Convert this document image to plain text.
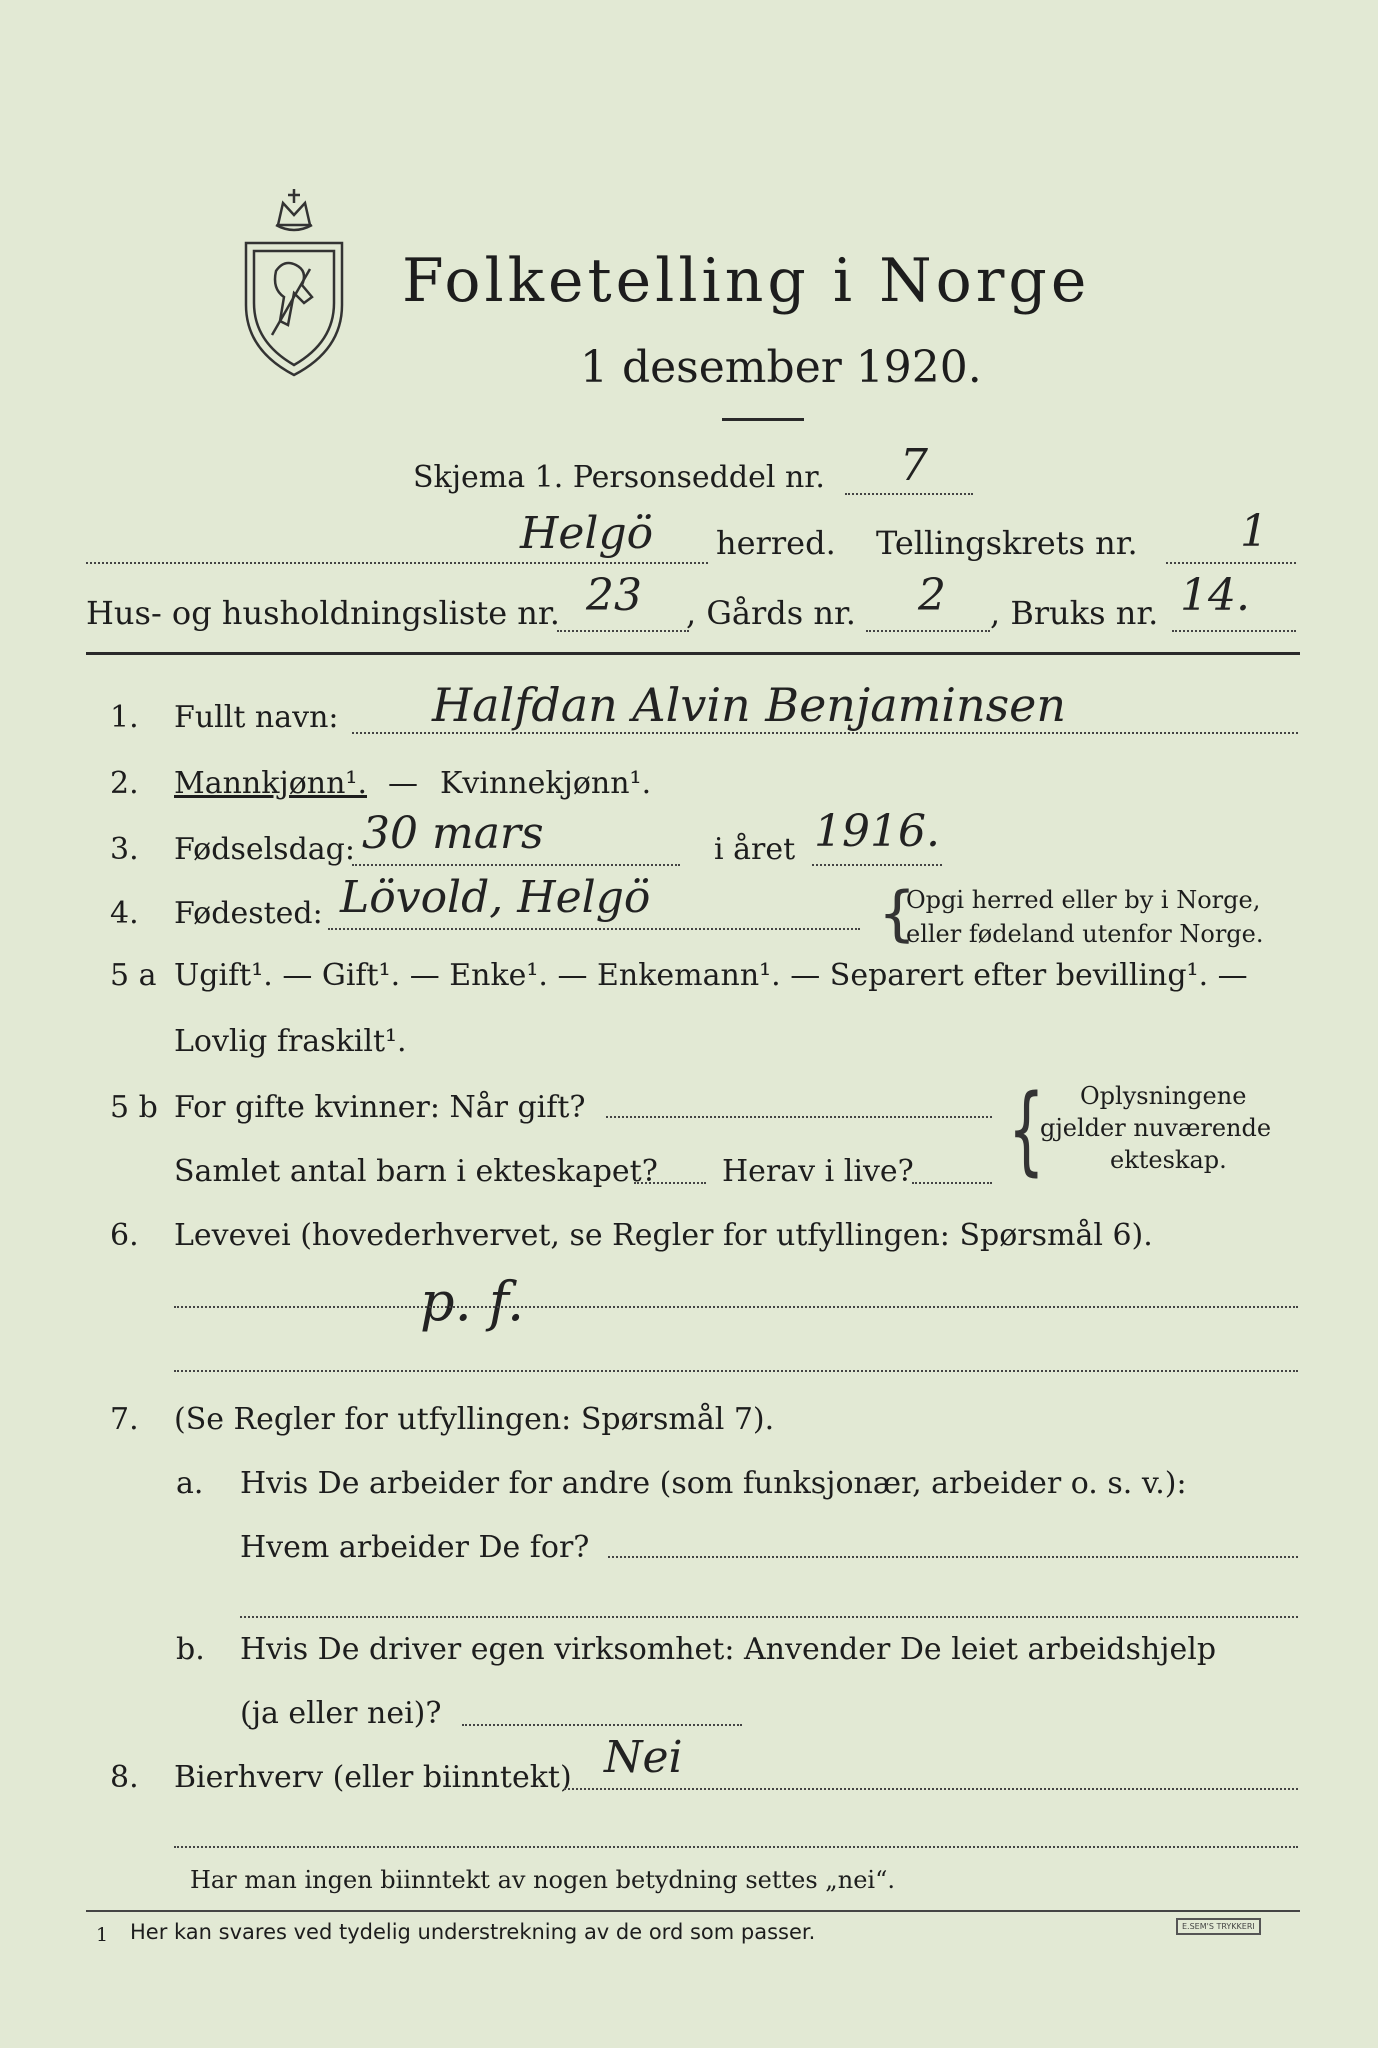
Folketelling i Norge
1 desember 1920.
Skjema 1. Personseddel nr. 7
Helgö herred. Tellingskrets nr. 1
Hus- og husholdningsliste nr. 23 , Gårds nr. 2 , Bruks nr. 14.
1. Fullt navn: Halfdan Alvin Benjaminsen
2. Mannkjønn¹. — Kvinnekjønn¹.
3. Fødselsdag: 30 mars	i året 1916.
4. Fødested: Lövold, Helgö	{
Opgi herred eller by i Norge,
eller fødeland utenfor Norge.
5 a Ugift¹. — Gift¹. — Enke¹. — Enkemann¹. — Separert efter bevilling¹. —
Lovlig fraskilt¹.
5 b For gifte kvinner: Når gift?
Samlet antal barn i ekteskapet? Herav i live? { Oplysningene
gjelder nuværende
ekteskap.
6. Levevei (hovederhvervet, se Regler for utfyllingen: Spørsmål 6).
p. f.
7. (Se Regler for utfyllingen: Spørsmål 7).
a. Hvis De arbeider for andre (som funksjonær, arbeider o. s. v.):
Hvem arbeider De for?
b. Hvis De driver egen virksomhet: Anvender De leiet arbeidshjelp
(ja eller nei)?
8. Bierhverv (eller biinntekt) Nei
Har man ingen biinntekt av nogen betydning settes „nei“.
1 Her kan svares ved tydelig understrekning av de ord som passer.	E.SEM'S TRYKKERI
